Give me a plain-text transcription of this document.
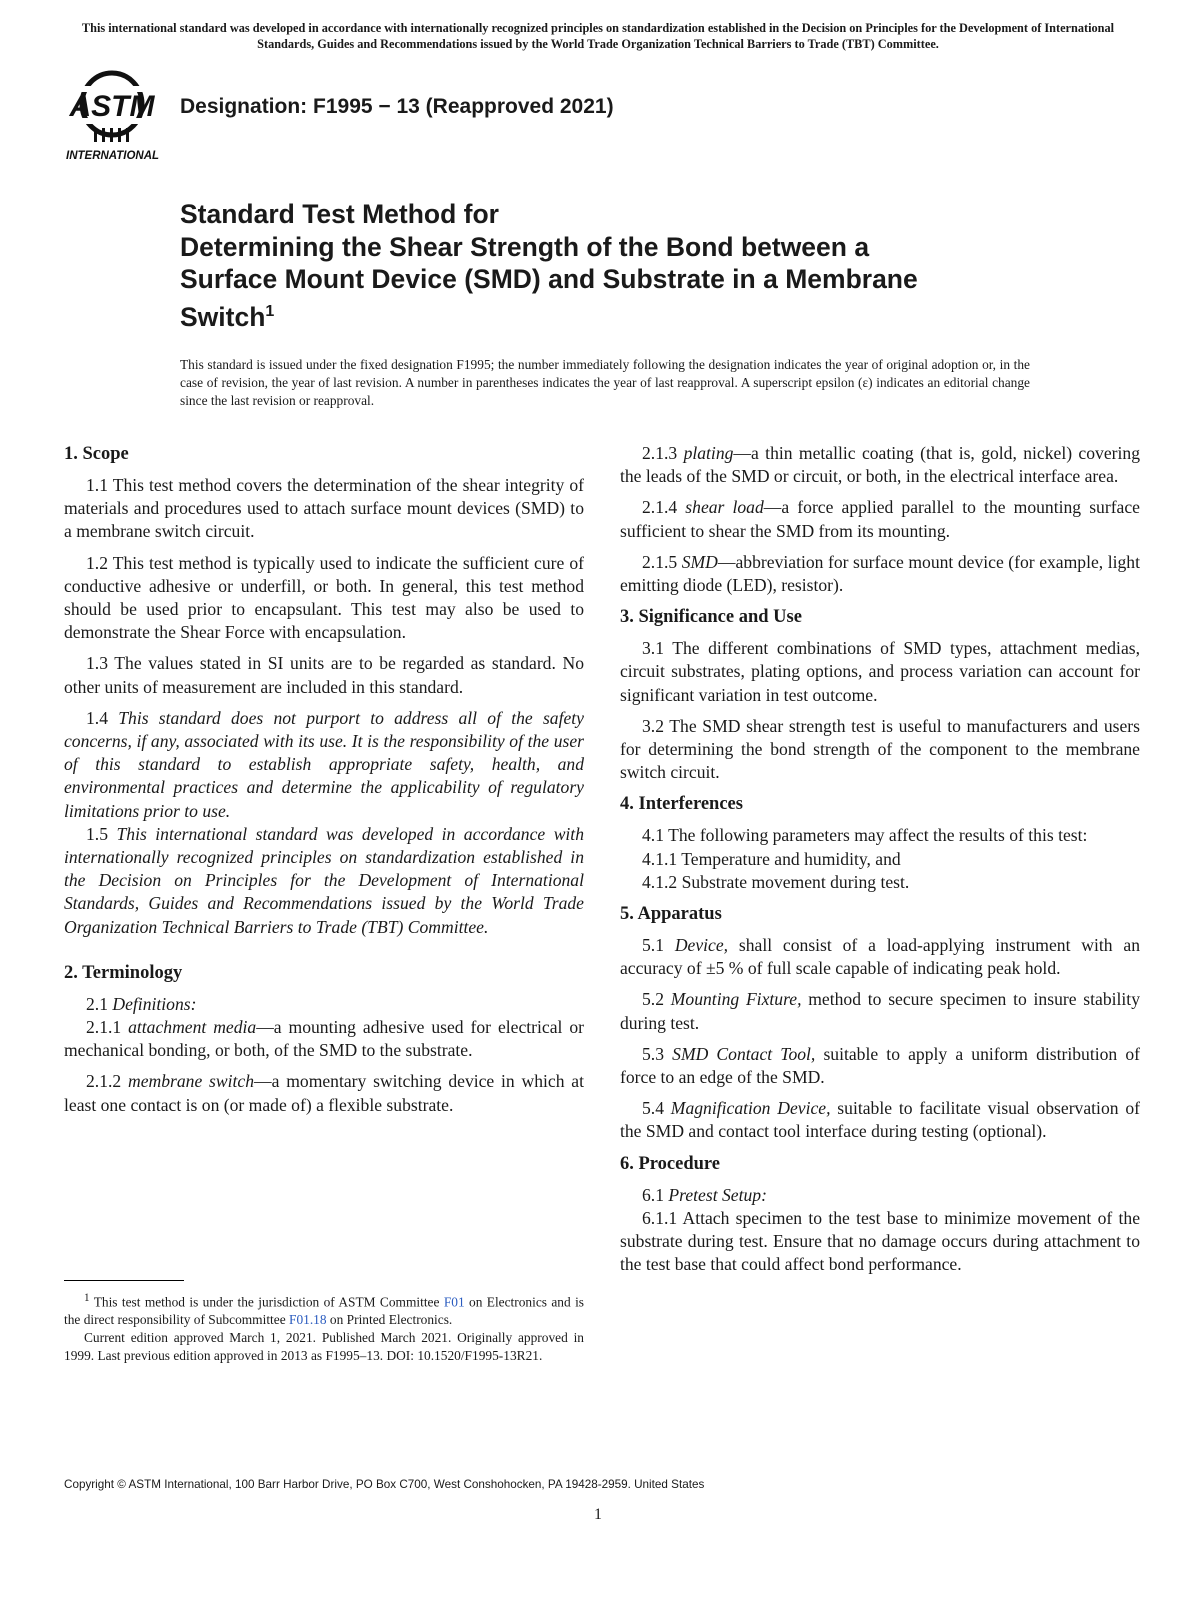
This international standard was developed in accordance with internationally recognized principles on standardization established in the Decision on Principles for the Development of International Standards, Guides and Recommendations issued by the World Trade Organization Technical Barriers to Trade (TBT) Committee.
ASTM
INTERNATIONAL
Designation: F1995 − 13 (Reapproved 2021)
Standard Test Method for
Determining the Shear Strength of the Bond between a
Surface Mount Device (SMD) and Substrate in a Membrane
Switch$^1$
This standard is issued under the fixed designation F1995; the number immediately following the designation indicates the year of original adoption or, in the case of revision, the year of last revision. A number in parentheses indicates the year of last reapproval. A superscript epsilon (ε) indicates an editorial change since the last revision or reapproval.
1. Scope

1.1 This test method covers the determination of the shear integrity of materials and procedures used to attach surface mount devices (SMD) to a membrane switch circuit.

1.2 This test method is typically used to indicate the sufficient cure of conductive adhesive or underfill, or both. In general, this test method should be used prior to encapsulant. This test may also be used to demonstrate the Shear Force with encapsulation.

1.3 The values stated in SI units are to be regarded as standard. No other units of measurement are included in this standard.

1.4 This standard does not purport to address all of the safety concerns, if any, associated with its use. It is the responsibility of the user of this standard to establish appropriate safety, health, and environmental practices and determine the applicability of regulatory limitations prior to use.

1.5 This international standard was developed in accordance with internationally recognized principles on standardization established in the Decision on Principles for the Development of International Standards, Guides and Recommendations issued by the World Trade Organization Technical Barriers to Trade (TBT) Committee.

2. Terminology

2.1 Definitions:

2.1.1 attachment media—a mounting adhesive used for electrical or mechanical bonding, or both, of the SMD to the substrate.

2.1.2 membrane switch—a momentary switching device in which at least one contact is on (or made of) a flexible substrate.

2.1.3 plating—a thin metallic coating (that is, gold, nickel) covering the leads of the SMD or circuit, or both, in the electrical interface area.

2.1.4 shear load—a force applied parallel to the mounting surface sufficient to shear the SMD from its mounting.

2.1.5 SMD—abbreviation for surface mount device (for example, light emitting diode (LED), resistor).

3. Significance and Use

3.1 The different combinations of SMD types, attachment medias, circuit substrates, plating options, and process variation can account for significant variation in test outcome.

3.2 The SMD shear strength test is useful to manufacturers and users for determining the bond strength of the component to the membrane switch circuit.

4. Interferences

4.1 The following parameters may affect the results of this test:

4.1.1 Temperature and humidity, and

4.1.2 Substrate movement during test.

5. Apparatus

5.1 Device, shall consist of a load-applying instrument with an accuracy of ±5 % of full scale capable of indicating peak hold.

5.2 Mounting Fixture, method to secure specimen to insure stability during test.

5.3 SMD Contact Tool, suitable to apply a uniform distribution of force to an edge of the SMD.

5.4 Magnification Device, suitable to facilitate visual observation of the SMD and contact tool interface during testing (optional).

6. Procedure

6.1 Pretest Setup:

6.1.1 Attach specimen to the test base to minimize movement of the substrate during test. Ensure that no damage occurs during attachment to the test base that could affect bond performance.

$^1$ This test method is under the jurisdiction of ASTM Committee F01 on Electronics and is the direct responsibility of Subcommittee F01.18 on Printed Electronics.

Current edition approved March 1, 2021. Published March 2021. Originally approved in 1999. Last previous edition approved in 2013 as F1995–13. DOI: 10.1520/F1995-13R21.

Copyright © ASTM International, 100 Barr Harbor Drive, PO Box C700, West Conshohocken, PA 19428-2959. United States
1
